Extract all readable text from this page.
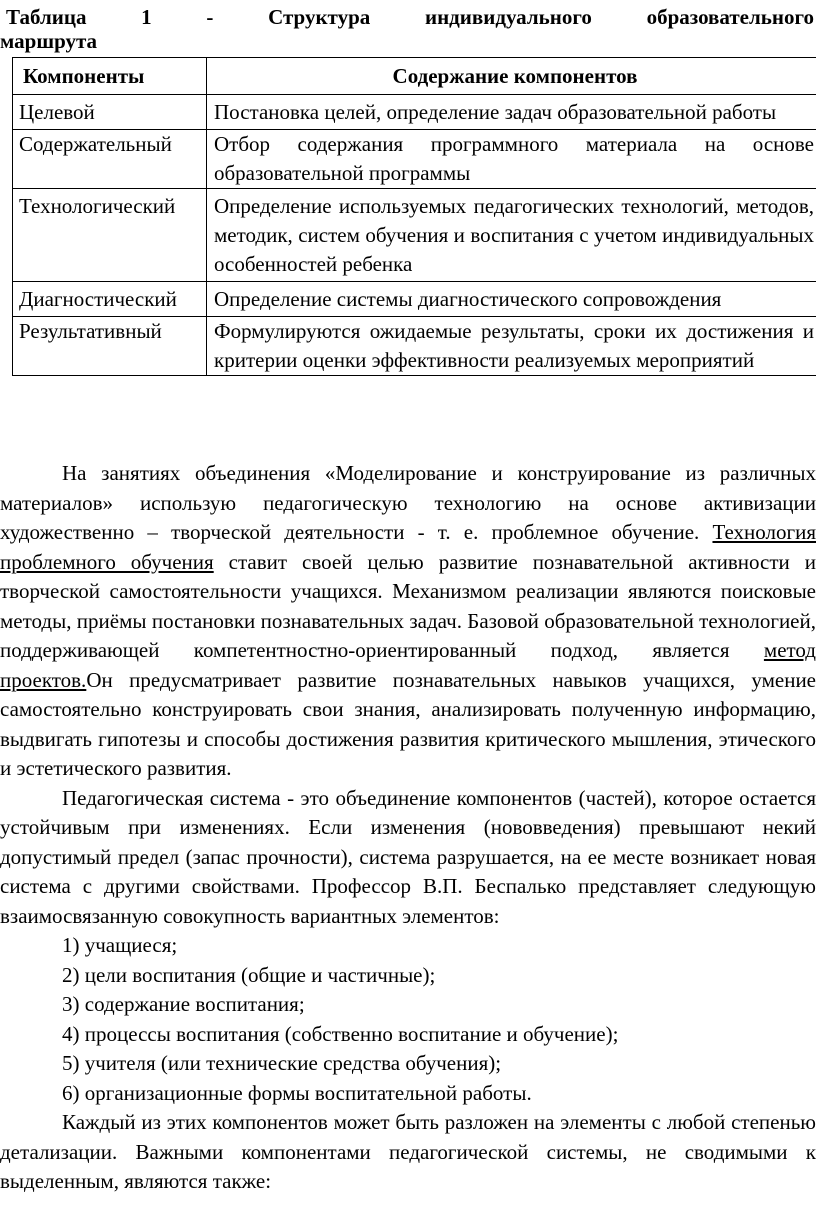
Таблица 1 - Структура индивидуального образовательного
маршрута
Компоненты	Содержание компонентов
Целевой	Постановка целей, определение задач образовательной работы
Содержательный	Отбор содержания программного материала на основе образовательной программы
Технологический	Определение используемых педагогических технологий, методов, методик, систем обучения и воспитания с учетом индивидуальных особенностей ребенка
Диагностический	Определение системы диагностического сопровождения
Результативный	Формулируются ожидаемые результаты, сроки их достижения и критерии оценки эффективности реализуемых мероприятий

На занятиях объединения «Моделирование и конструирование из различных материалов» использую педагогическую технологию на основе активизации художественно – творческой деятельности - т. е. проблемное обучение. Технология проблемного обучения ставит своей целью развитие познавательной активности и творческой самостоятельности учащихся. Механизмом реализации являются поисковые методы, приёмы постановки познавательных задач. Базовой образовательной технологией, поддерживающей компетентностно-ориентированный подход, является метод проектов.Он предусматривает развитие познавательных навыков учащихся, умение самостоятельно конструировать свои знания, анализировать полученную информацию, выдвигать гипотезы и способы достижения развития критического мышления, этического и эстетического развития.

Педагогическая система - это объединение компонентов (частей), которое остается устойчивым при изменениях. Если изменения (нововведения) превышают некий допустимый предел (запас прочности), система разрушается, на ее месте возникает новая система с другими свойствами. Профессор В.П. Беспалько представляет следующую взаимосвязанную совокупность вариантных элементов:

1) учащиеся;

2) цели воспитания (общие и частичные);

3) содержание воспитания;

4) процессы воспитания (собственно воспитание и обучение);

5) учителя (или технические средства обучения);

6) организационные формы воспитательной работы.

Каждый из этих компонентов может быть разложен на элементы с любой степенью детализации. Важными компонентами педагогической системы, не сводимыми к выделенным, являются также:
